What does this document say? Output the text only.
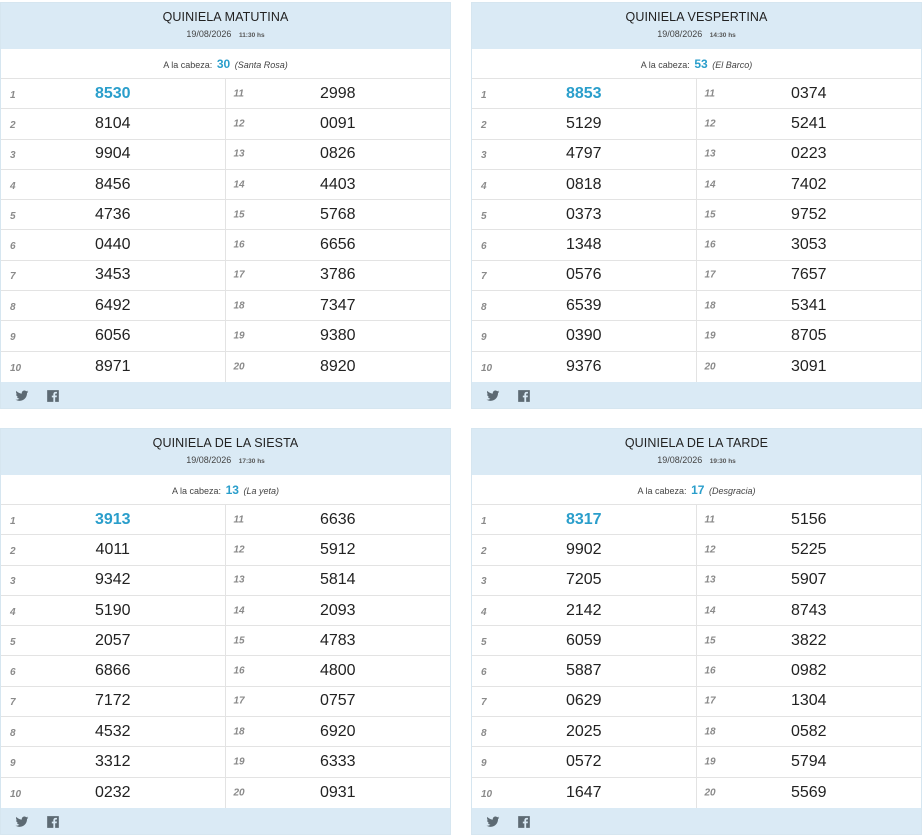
QUINIELA MATUTINA
19/08/2026 11:30 hs
A la cabeza: 30 (Santa Rosa)
1	8530
2	8104
3	9904
4	8456
5	4736
6	0440
7	3453
8	6492
9	6056
10	8971
11	2998
12	0091
13	0826
14	4403
15	5768
16	6656
17	3786
18	7347
19	9380
20	8920
QUINIELA VESPERTINA
19/08/2026 14:30 hs
A la cabeza: 53 (El Barco)
1	8853
2	5129
3	4797
4	0818
5	0373
6	1348
7	0576
8	6539
9	0390
10	9376
11	0374
12	5241
13	0223
14	7402
15	9752
16	3053
17	7657
18	5341
19	8705
20	3091
QUINIELA DE LA SIESTA
19/08/2026 17:30 hs
A la cabeza: 13 (La yeta)
1	3913
2	4011
3	9342
4	5190
5	2057
6	6866
7	7172
8	4532
9	3312
10	0232
11	6636
12	5912
13	5814
14	2093
15	4783
16	4800
17	0757
18	6920
19	6333
20	0931
QUINIELA DE LA TARDE
19/08/2026 19:30 hs
A la cabeza: 17 (Desgracia)
1	8317
2	9902
3	7205
4	2142
5	6059
6	5887
7	0629
8	2025
9	0572
10	1647
11	5156
12	5225
13	5907
14	8743
15	3822
16	0982
17	1304
18	0582
19	5794
20	5569
